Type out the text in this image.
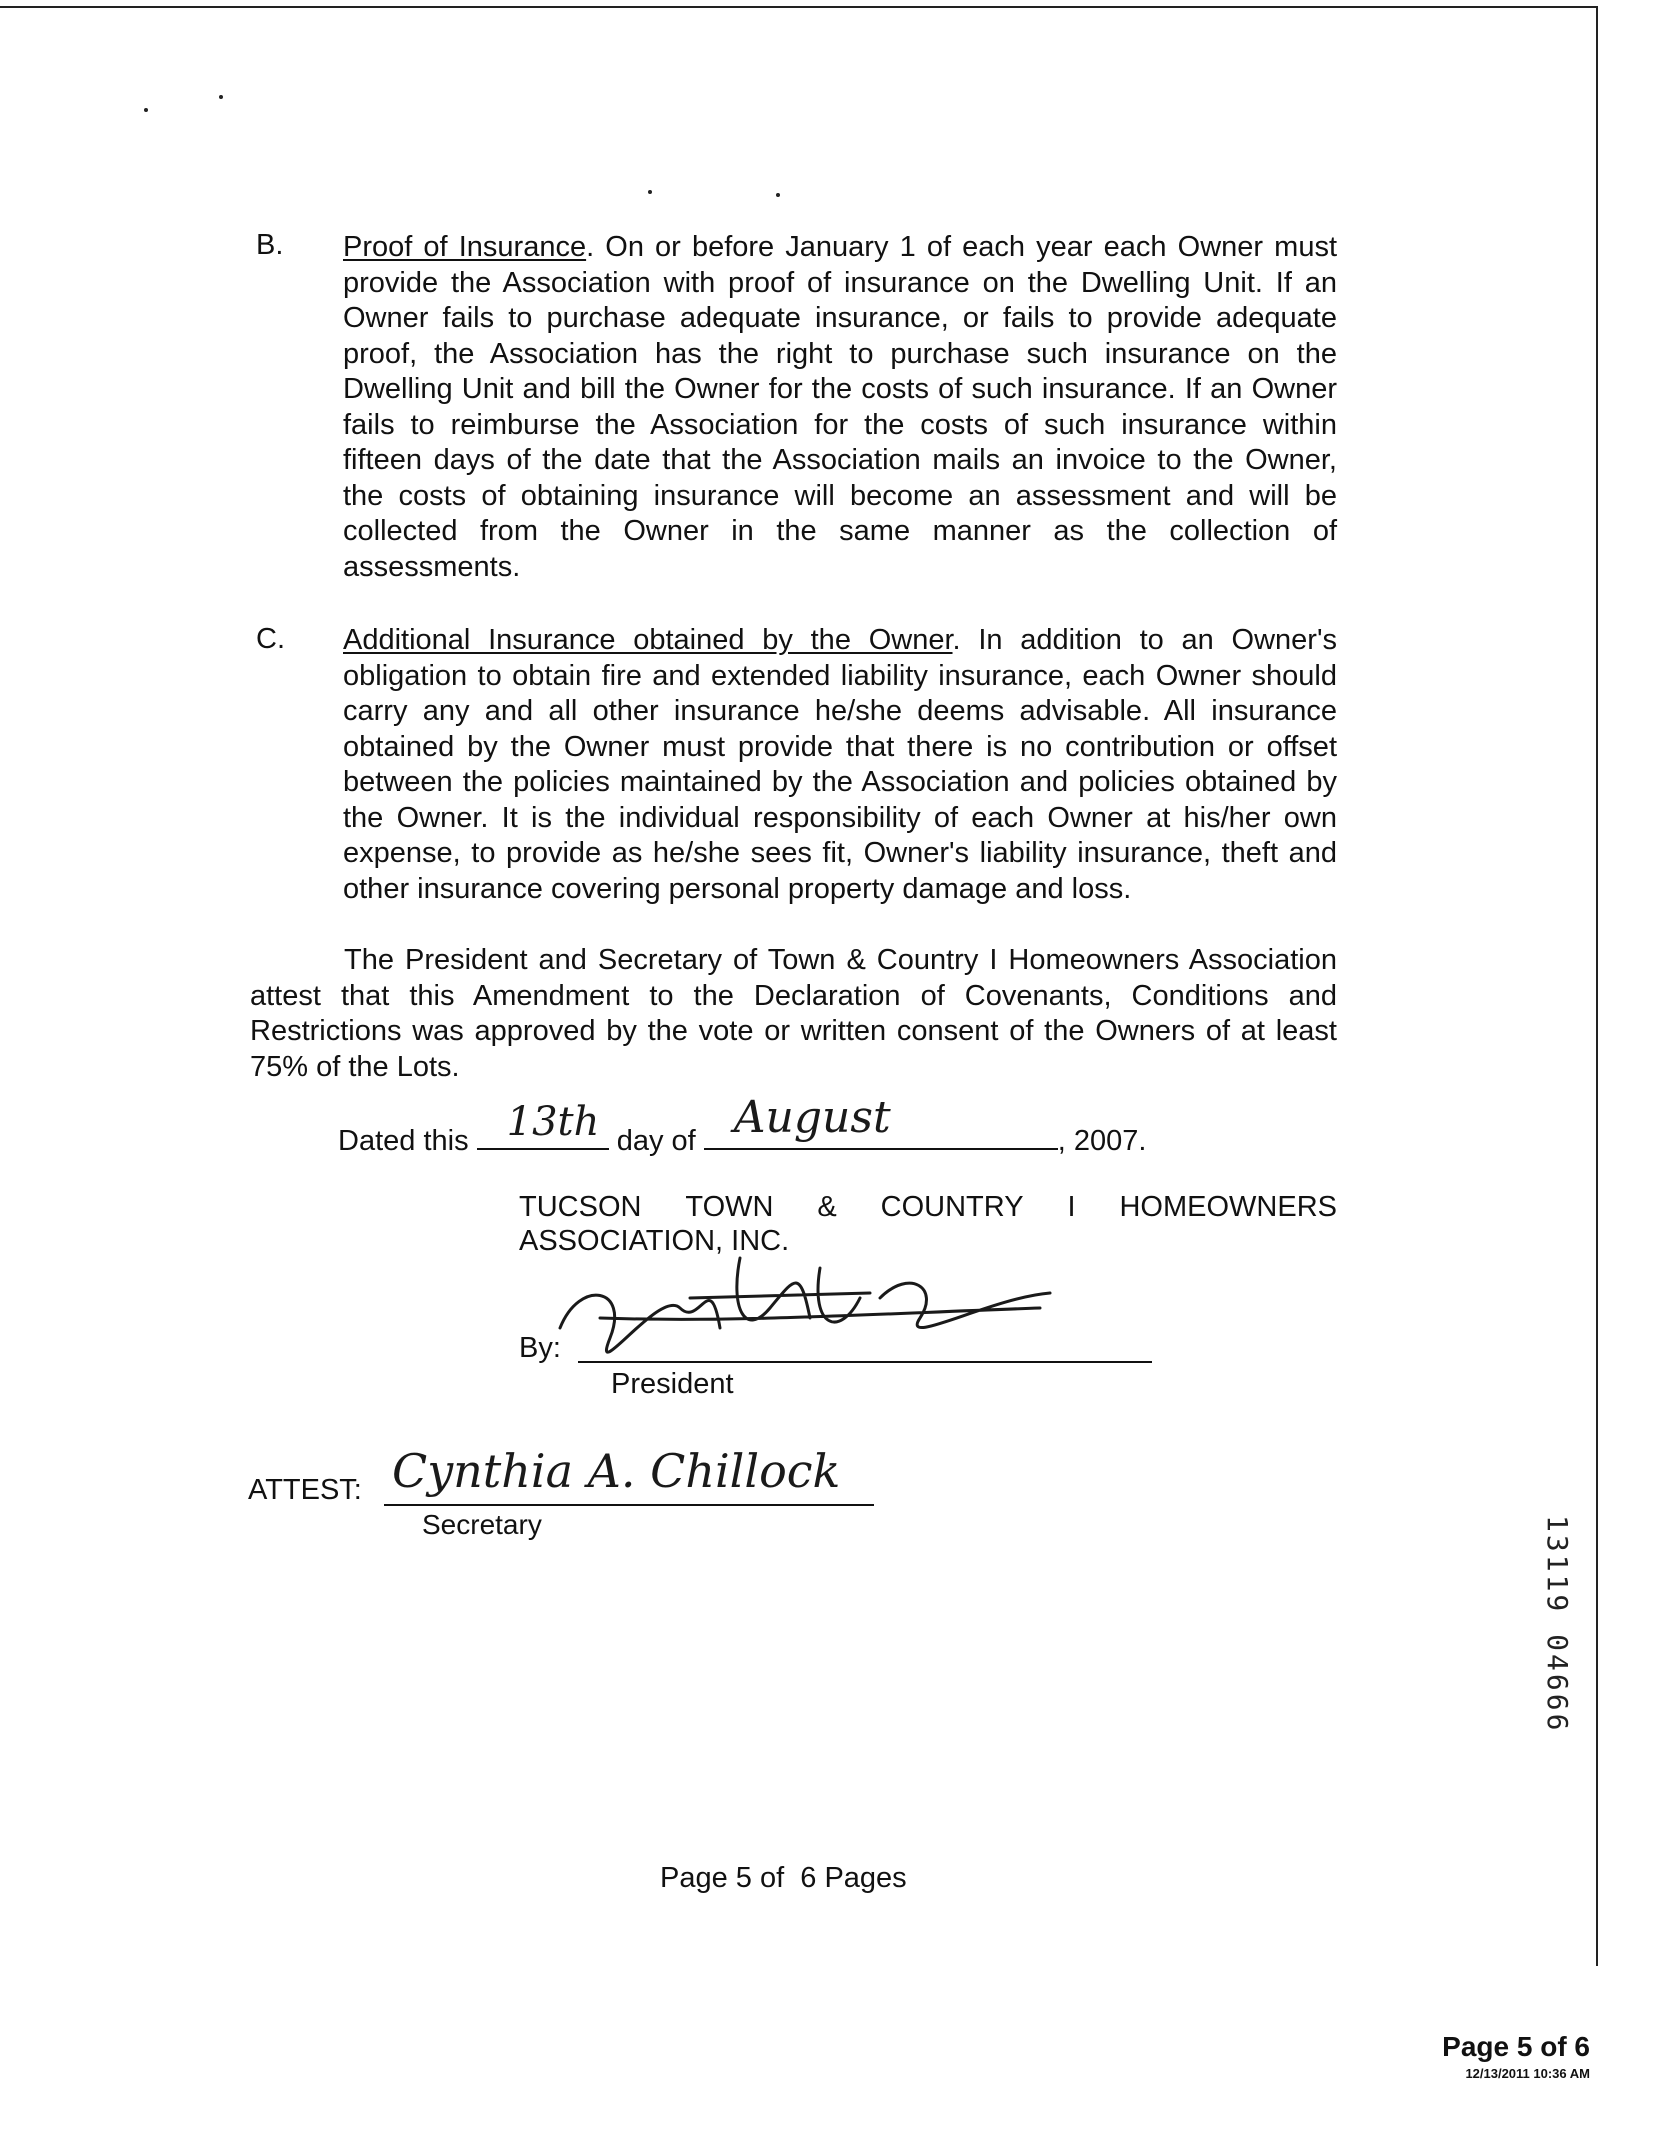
B. Proof of Insurance. On or before January 1 of each year each Owner must provide the Association with proof of insurance on the Dwelling Unit. If an Owner fails to purchase adequate insurance, or fails to provide adequate proof, the Association has the right to purchase such insurance on the Dwelling Unit and bill the Owner for the costs of such insurance. If an Owner fails to reimburse the Association for the costs of such insurance within fifteen days of the date that the Association mails an invoice to the Owner, the costs of obtaining insurance will become an assessment and will be collected from the Owner in the same manner as the collection of assessments.
C. Additional Insurance obtained by the Owner. In addition to an Owner's obligation to obtain fire and extended liability insurance, each Owner should carry any and all other insurance he/she deems advisable. All insurance obtained by the Owner must provide that there is no contribution or offset between the policies maintained by the Association and policies obtained by the Owner. It is the individual responsibility of each Owner at his/her own expense, to provide as he/she sees fit, Owner's liability insurance, theft and other insurance covering personal property damage and loss.
The President and Secretary of Town & Country I Homeowners Association attest that this Amendment to the Declaration of Covenants, Conditions and Restrictions was approved by the vote or written consent of the Owners of at least 75% of the Lots.
Dated this 13th day of August	, 2007.
TUCSON TOWN & COUNTRY I HOMEOWNERS
ASSOCIATION, INC.
By:
President
ATTEST: Cynthia A. Chillock
Secretary	13119 04666
Page 5 of  6 Pages
Page 5 of 6
12/13/2011 10:36 AM
